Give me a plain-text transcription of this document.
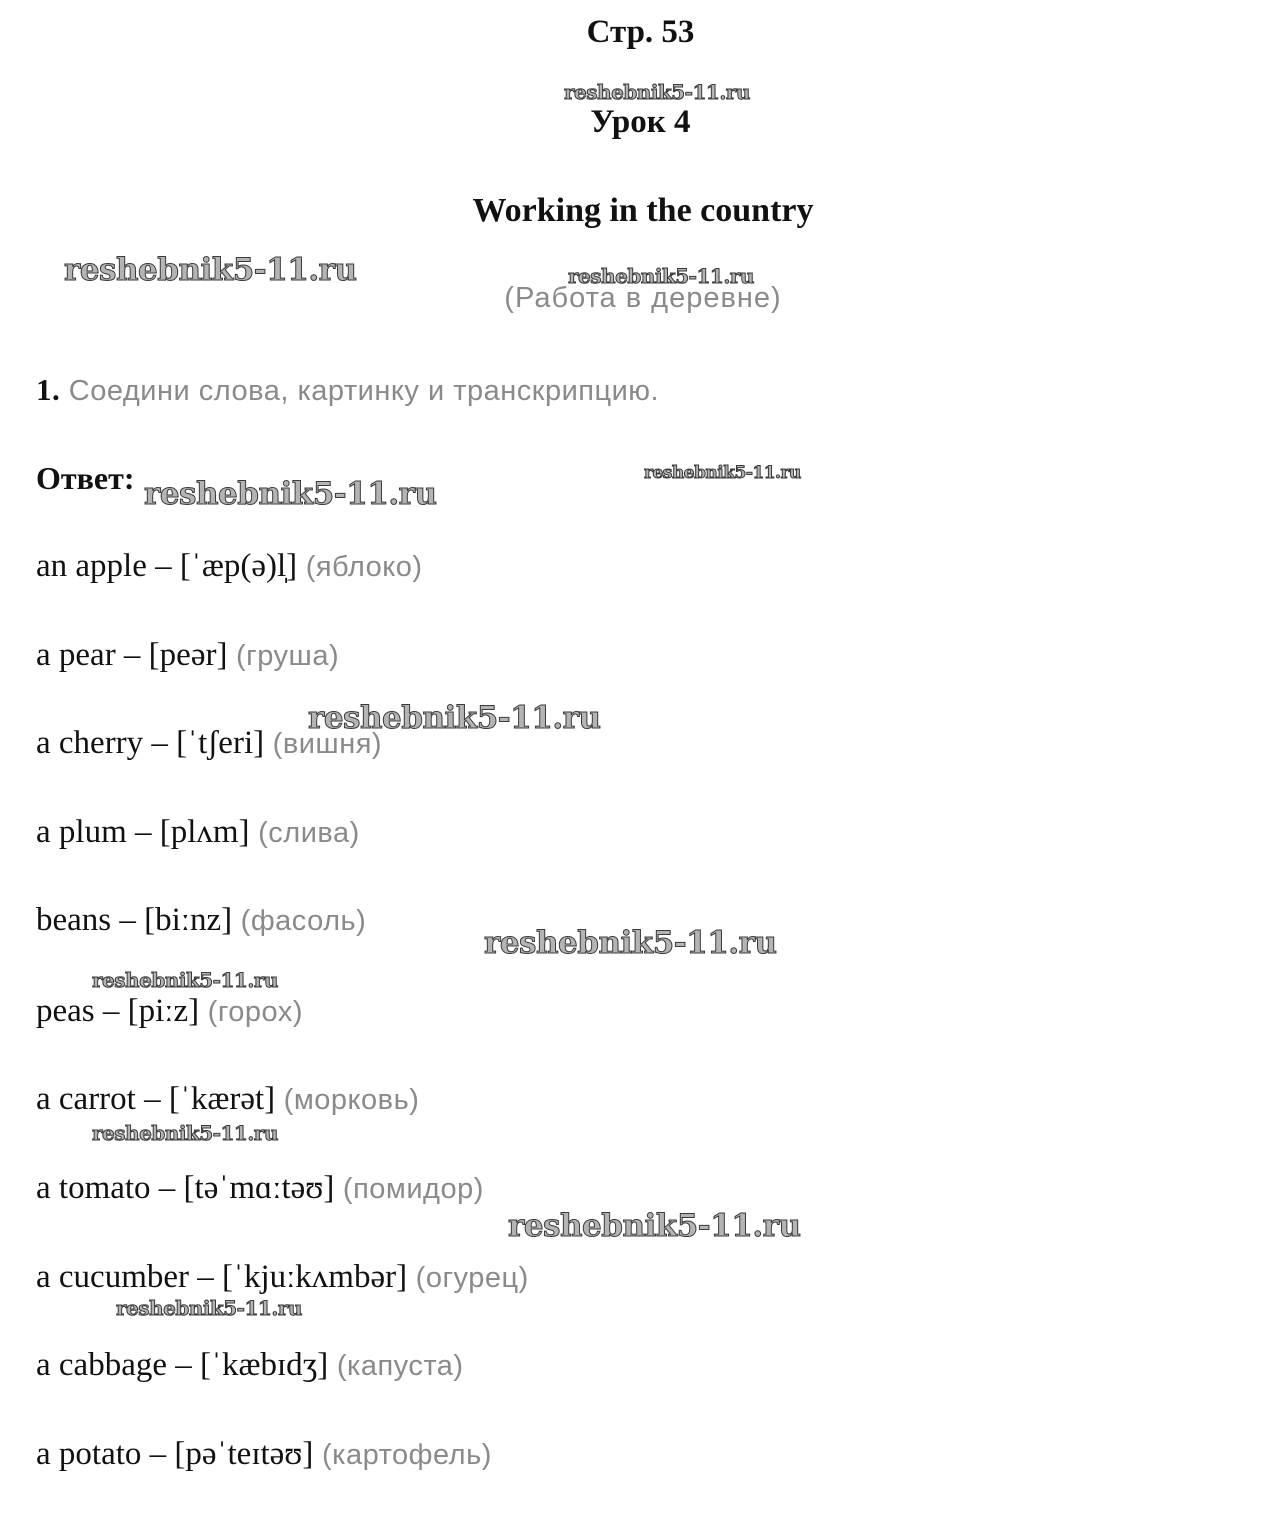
Стр. 53
reshebnik5-11.ru
Урок 4
Working in the country
reshebnik5-11.ru	reshebnik5-11.ru
(Работа в деревне)
1. Соедини слова, картинку и транскрипцию.
Ответ: reshebnik5-11.ru
reshebnik5-11.ru
an apple – [ˈæp(ə)l̩] (яблоко)
a pear – [peər] (груша)
a cherry – [ˈtʃeri] (вишня)
reshebnik5-11.ru
a plum – [plʌm] (слива)
beans – [biːnz] (фасоль)
reshebnik5-11.ru
reshebnik5-11.ru
peas – [piːz] (горох)
a carrot – [ˈkærət] (морковь)
reshebnik5-11.ru
a tomato – [təˈmɑːtəʊ] (помидор)
reshebnik5-11.ru
a cucumber – [ˈkjuːkʌmbər] (огурец)
reshebnik5-11.ru
a cabbage – [ˈkæbɪdʒ] (капуста)
a potato – [pəˈteɪtəʊ] (картофель)
